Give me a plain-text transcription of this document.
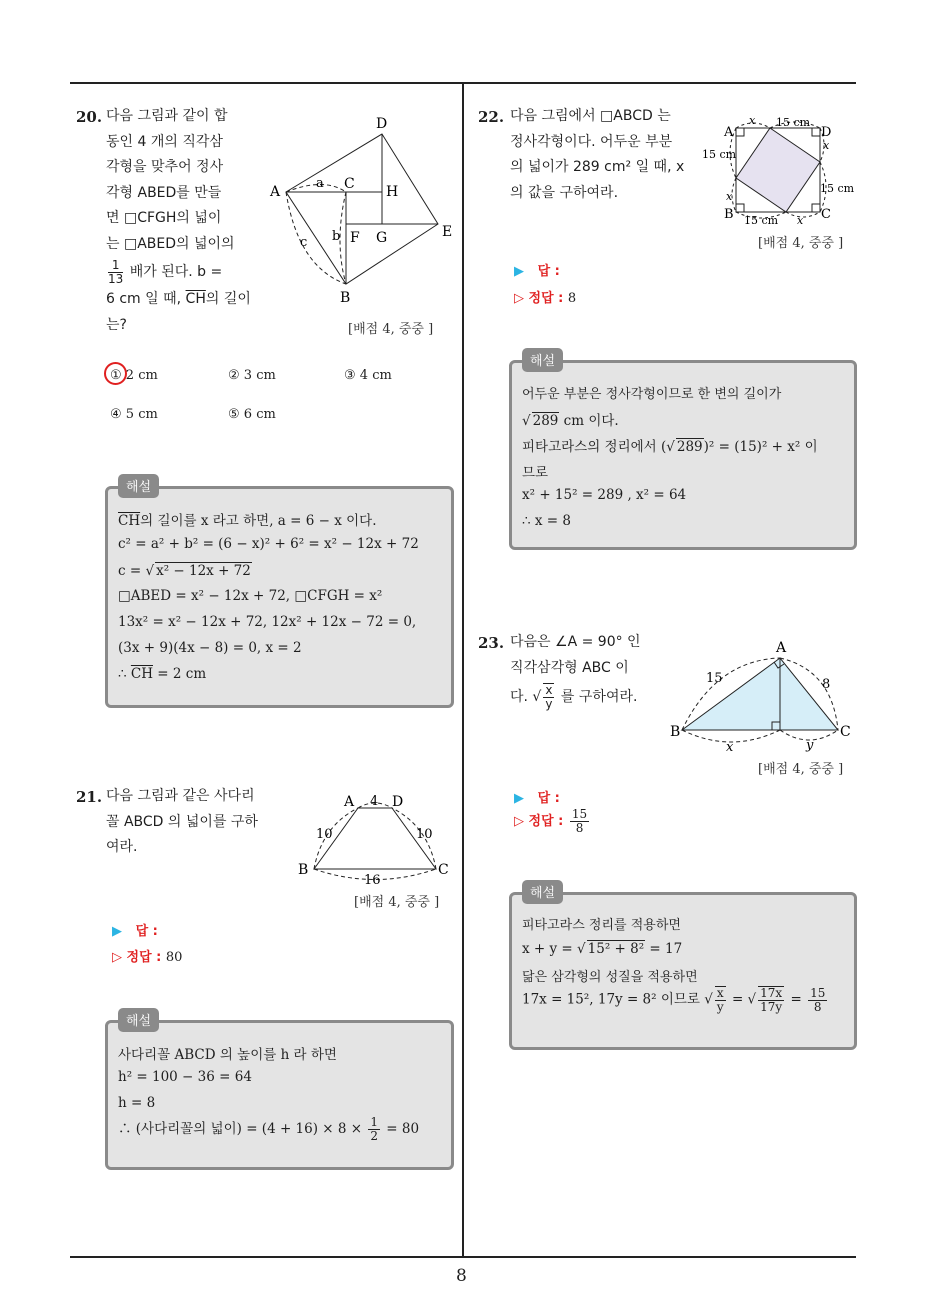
8
20. 다음 그림과 같이 합
동인 4 개의 직각삼
각형을 맞추어 정사
각형 ABED를 만들
면 □CFGH의 넓이
는 □ABED의 넓이의
$\frac{1}{13}$ 배가 된다. b =
6 cm 일 때, $\overline{CH}$의 길이
는?
A
B
C
D
E
F G
H
a
b
c
[배점 4, 중중 ]
① 2 cm	② 3 cm	③ 4 cm
④ 5 cm	⑤ 6 cm
해설
$\overline{CH}$의 길이를 x 라고 하면, a = 6 − x 이다.
c² = a² + b² = (6 − x)² + 6² = x² − 12x + 72
c = √ x² − 12x + 72
□ABED = x² − 12x + 72, □CFGH = x²
13x² = x² − 12x + 72, 12x² + 12x − 72 = 0,
(3x + 9)(4x − 8) = 0, x = 2
∴ $\overline{CH} = 2$ cm
21. 다음 그림과 같은 사다리
꼴 ABCD 의 넓이를 구하
여라.
A	D
B	C
4
10	10
16
[배점 4, 중중 ]
▶ 답 :
▷ 정답 : 80
해설
사다리꼴 ABCD 의 높이를 h 라 하면
h² = 100 − 36 = 64
h = 8
∴ (사다리꼴의 넓이) = $(4 + 16) \times 8 \times \frac{1}{2} = 80$
22. 다음 그림에서 □ABCD 는
정사각형이다. 어두운 부분
의 넓이가 289 cm² 일 때, x
의 값을 구하여라.
A	D
B	C
15 cm
15 cm
15 cm
15 cm
x
x
x
x
[배점 4, 중중 ]
▶ 답 :
▷ 정답 : 8
해설
어두운 부분은 정사각형이므로 한 변의 길이가
√ 289 cm 이다.
피타고라스의 정리에서 (√ 289)² = (15)² + x² 이
므로
x² + 15² = 289 , x² = 64
∴ x = 8
23. 다음은 ∠A = 90° 인
직각삼각형 ABC 이
다. √ $\frac{x}{y}$ 를 구하여라.
A
B	C
15	8
x	y
[배점 4, 중중 ]
▶ 답 :
▷ 정답 : $\frac{15}{8}$
해설
피타고라스 정리를 적용하면
x + y = √ 15² + 8² = 17
닮은 삼각형의 성질을 적용하면
17x = 15², 17y = 8² 이므로 √ $\frac{x}{y}$ = √ $\frac{17x}{17y} = \frac{15}{8}$
